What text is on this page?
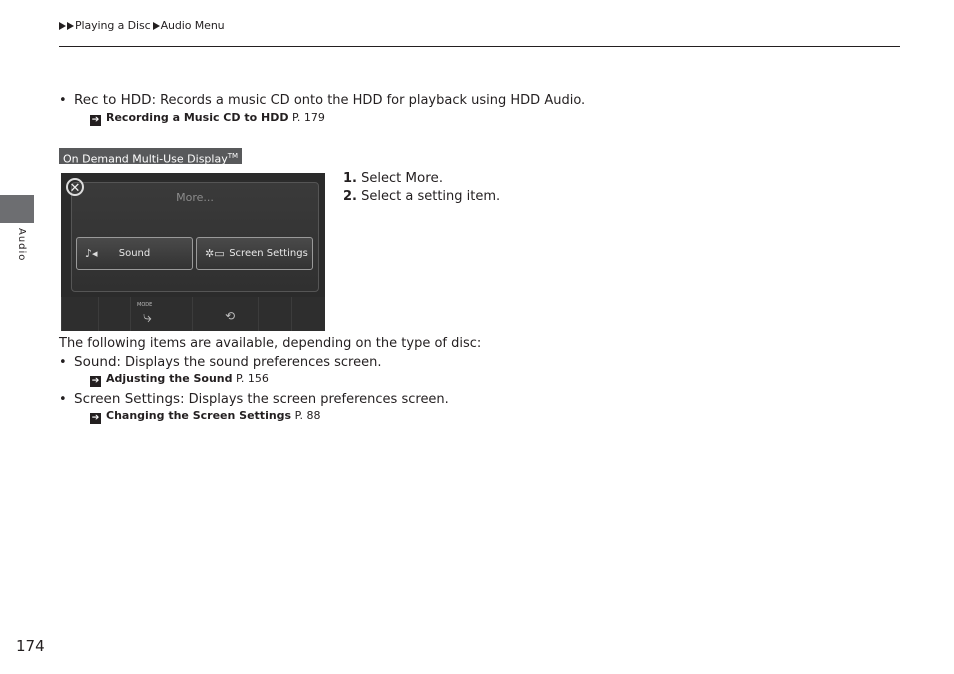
Playing a Disc Audio Menu
Audio
• Rec to HDD: Records a music CD onto the HDD for playback using HDD Audio.
➔ Recording a Music CD to HDD P. 179
On Demand Multi-Use Display™
More...
♪◂	Sound	✲▭ Screen Settings
✕
MODE
⤷	⟲
1. Select More.
2. Select a setting item.
The following items are available, depending on the type of disc:
• Sound: Displays the sound preferences screen.
➔ Adjusting the Sound P. 156
• Screen Settings: Displays the screen preferences screen.
➔ Changing the Screen Settings P. 88
174
